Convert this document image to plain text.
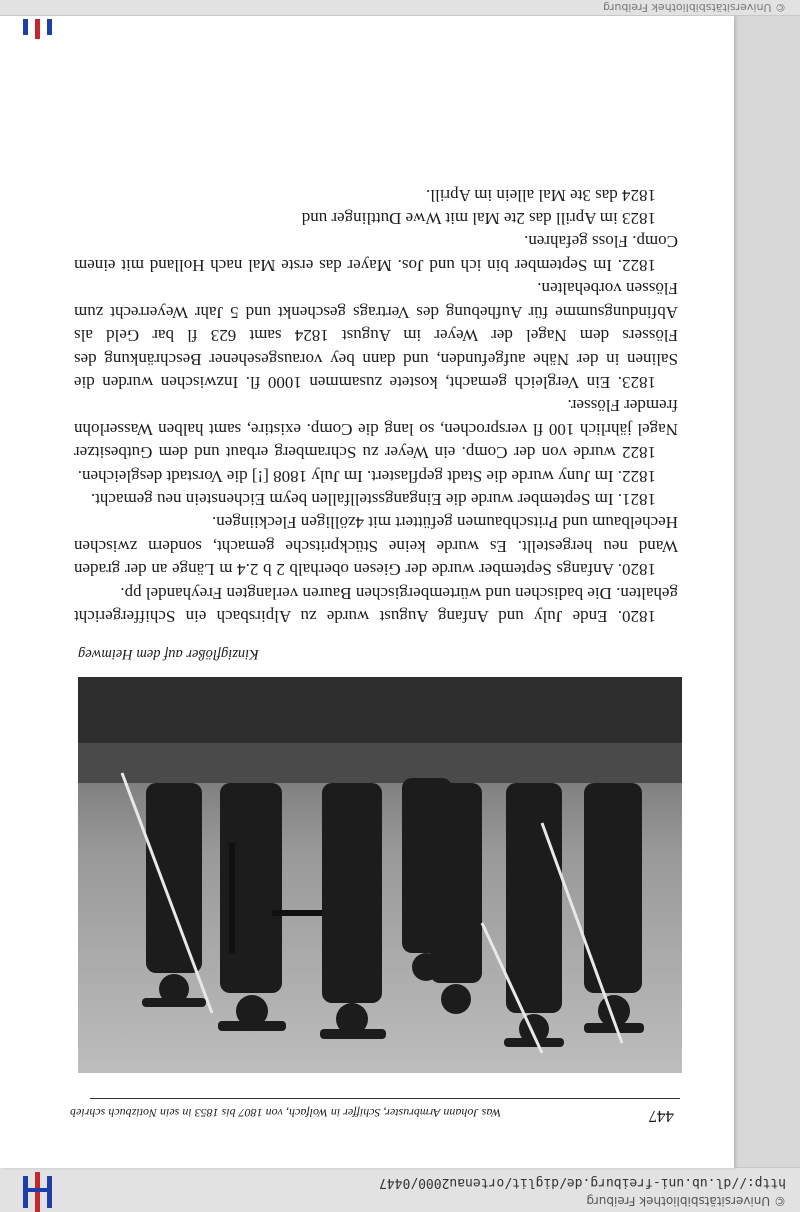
© Universitätsbibliothek Freiburg
http://dl.ub.uni-freiburg.de/diglit/ortenau2000/0447
447
Was Johann Armbruster, Schiffer in Wolfach, von 1807 bis 1853 in sein Notizbuch schrieb
Kinzigflößer auf dem Heimweg

1820. Ende July und Anfang August wurde zu Alpirsbach ein Schiffergericht gehalten. Die badischen und würtembergischen Bauren verlangten Freyhandel pp.

1820. Anfangs September wurde der Giesen oberhalb 2 b 2.4 m Länge an der graden Wand neu hergestellt. Es wurde keine Stückpritsche gemacht, sondern zwischen Hechelbaum und Pritschbaumen gefüttert mit 4zölligen Fleckiingen.

1821. Im September wurde die Eingangsstellfallen beym Eichenstein neu gemacht.

1822. Im Juny wurde die Stadt gepflastert. Im July 1808 [!] die Vorstadt desgleichen.

1822 wurde von der Comp. ein Weyer zu Schramberg erbaut und dem Gutbesitzer Nagel jährlich 100 fl versprochen, so lang die Comp. existire, samt halben Wasserlohn fremder Flösser.

1823. Ein Vergleich gemacht, kostete zusammen 1000 fl. Inzwischen wurden die Salinen in der Nähe aufgefunden, und dann bey vorausgesehener Beschränkung des Flössers dem Nagel der Weyer im August 1824 samt 623 fl bar Geld als Abfindungsumme für Aufhebung des Vertrags geschenkt und 5 Jahr Weyerrecht zum Flössen vorbehalten.

1822. Im September bin ich und Jos. Mayer das erste Mal nach Holland mit einem Comp. Floss gefahren.

1823 im Aprill das 2te Mal mit Wwe Duttlinger und

1824 das 3te Mal allein im Aprill.

© Universitätsbibliothek Freiburg
